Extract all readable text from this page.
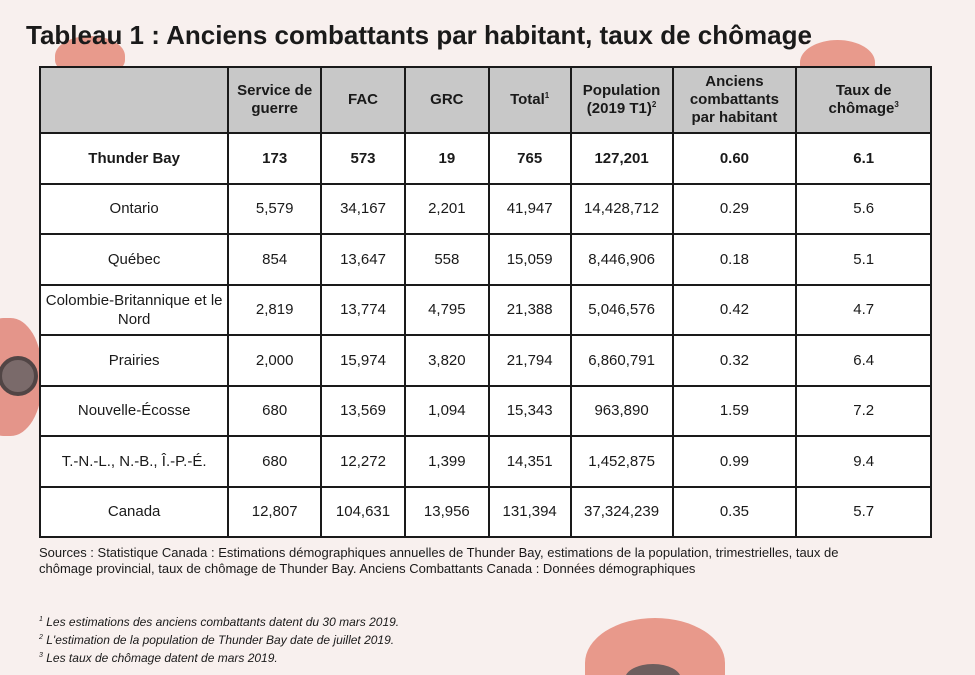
Tableau 1 : Anciens combattants par habitant, taux de chômage
	Service de guerre	FAC	GRC	Total$^1$	Population (2019 T1)$^2$	Anciens combattants par habitant	Taux de chômage$^3$
Thunder Bay	173	573	19	765	127,201	0.60	6.1
Ontario	5,579	34,167	2,201	41,947	14,428,712	0.29	5.6
Québec	854	13,647	558	15,059	8,446,906	0.18	5.1
Colombie-Britannique et le Nord	2,819	13,774	4,795	21,388	5,046,576	0.42	4.7
Prairies	2,000	15,974	3,820	21,794	6,860,791	0.32	6.4
Nouvelle-Écosse	680	13,569	1,094	15,343	963,890	1.59	7.2
T.-N.-L., N.-B., Î.-P.-É.	680	12,272	1,399	14,351	1,452,875	0.99	9.4
Canada	12,807	104,631	13,956	131,394	37,324,239	0.35	5.7

Sources : Statistique Canada : Estimations démographiques annuelles de Thunder Bay, estimations de la population, trimestrielles, taux de chômage provincial, taux de chômage de Thunder Bay. Anciens Combattants Canada : Données démographiques

$^1$ Les estimations des anciens combattants datent du 30 mars 2019.
$^2$ L'estimation de la population de Thunder Bay date de juillet 2019.
$^3$ Les taux de chômage datent de mars 2019.
